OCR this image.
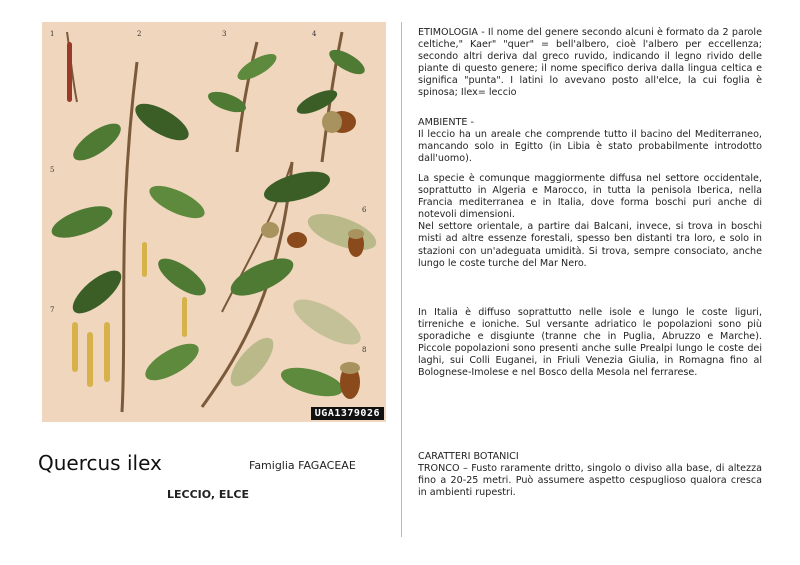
1	2	3	4
5
6
7
8
UGA1379026
Quercus ilex	Famiglia FAGACEAE
LECCIO, ELCE

ETIMOLOGIA - Il nome del genere secondo alcuni è formato da 2 parole celtiche," Kaer" "quer" = bell'albero, cioè l'albero per eccellenza; secondo altri deriva dal greco ruvido, indicando il legno rivido delle piante di questo genere; il nome specifico deriva dalla lingua celtica e significa "punta". I latini lo avevano posto all'elce, la cui foglia è spinosa; Ilex= leccio

AMBIENTE -

Il leccio ha un areale che comprende tutto il bacino del Mediterraneo, mancando solo in Egitto (in Libia è stato probabilmente introdotto dall'uomo).

La specie è comunque maggiormente diffusa nel settore occidentale, soprattutto in Algeria e Marocco, in tutta la penisola Iberica, nella Francia mediterranea e in Italia, dove forma boschi puri anche di notevoli dimensioni.

Nel settore orientale, a partire dai Balcani, invece, si trova in boschi misti ad altre essenze forestali, spesso ben distanti tra loro, e solo in stazioni con un'adeguata umidità. Si trova, sempre consociato, anche lungo le coste turche del Mar Nero.

In Italia è diffuso soprattutto nelle isole e lungo le coste liguri, tirreniche e ioniche. Sul versante adriatico le popolazioni sono più sporadiche e disgiunte (tranne che in Puglia, Abruzzo e Marche). Piccole popolazioni sono presenti anche sulle Prealpi lungo le coste dei laghi, sui Colli Euganei, in Friuli Venezia Giulia, in Romagna fino al Bolognese-Imolese e nel Bosco della Mesola nel ferrarese.

CARATTERI BOTANICI

TRONCO – Fusto raramente dritto, singolo o diviso alla base, di altezza fino a 20-25 metri. Può assumere aspetto cespuglioso qualora cresca in ambienti rupestri.
